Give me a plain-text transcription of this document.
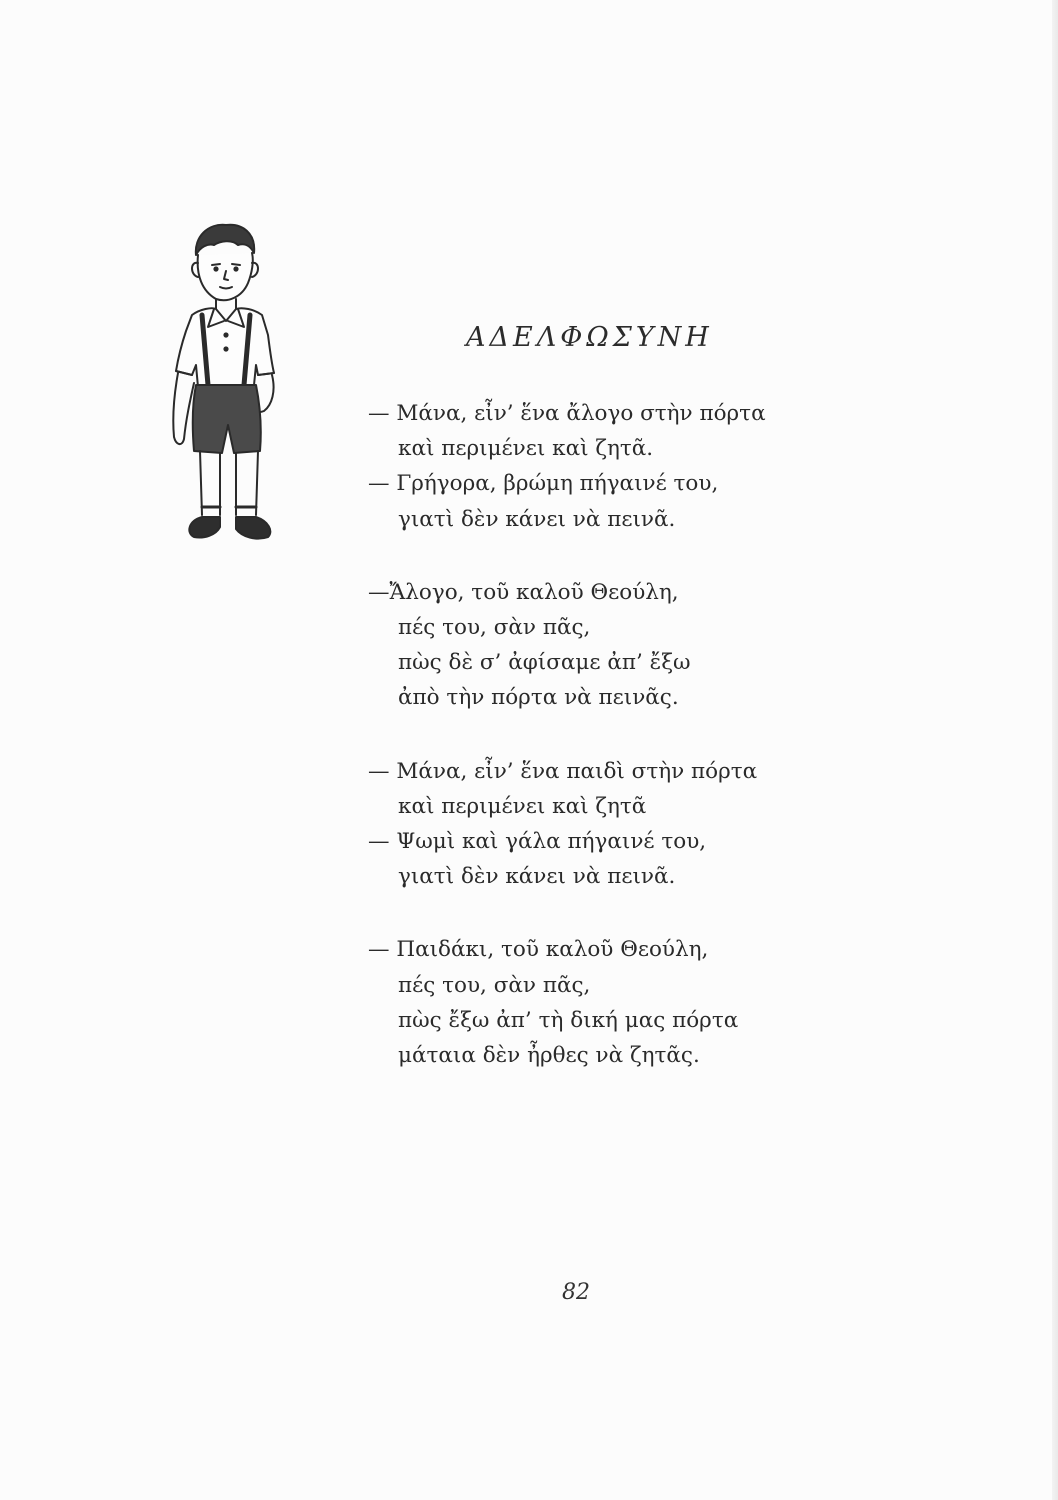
ΑΔΕΛΦΩΣΥΝΗ
— Μάνα, εἶν’ ἕνα ἄλογο στὴν πόρτα
καὶ περιμένει καὶ ζητᾶ.
— Γρήγορα, βρώμη πήγαινέ του,
γιατὶ δὲν κάνει νὰ πεινᾶ.
—Ἄλογο, τοῦ καλοῦ Θεούλη,
πές του, σὰν πᾶς,
πὼς δὲ σ’ ἀφίσαμε ἀπ’ ἔξω
ἀπὸ τὴν πόρτα νὰ πεινᾶς.
— Μάνα, εἶν’ ἕνα παιδὶ στὴν πόρτα
καὶ περιμένει καὶ ζητᾶ
— Ψωμὶ καὶ γάλα πήγαινέ του,
γιατὶ δὲν κάνει νὰ πεινᾶ.
— Παιδάκι, τοῦ καλοῦ Θεούλη,
πές του, σὰν πᾶς,
πὼς ἔξω ἀπ’ τὴ δική μας πόρτα
μάταια δὲν ἦρθες νὰ ζητᾶς.
82
